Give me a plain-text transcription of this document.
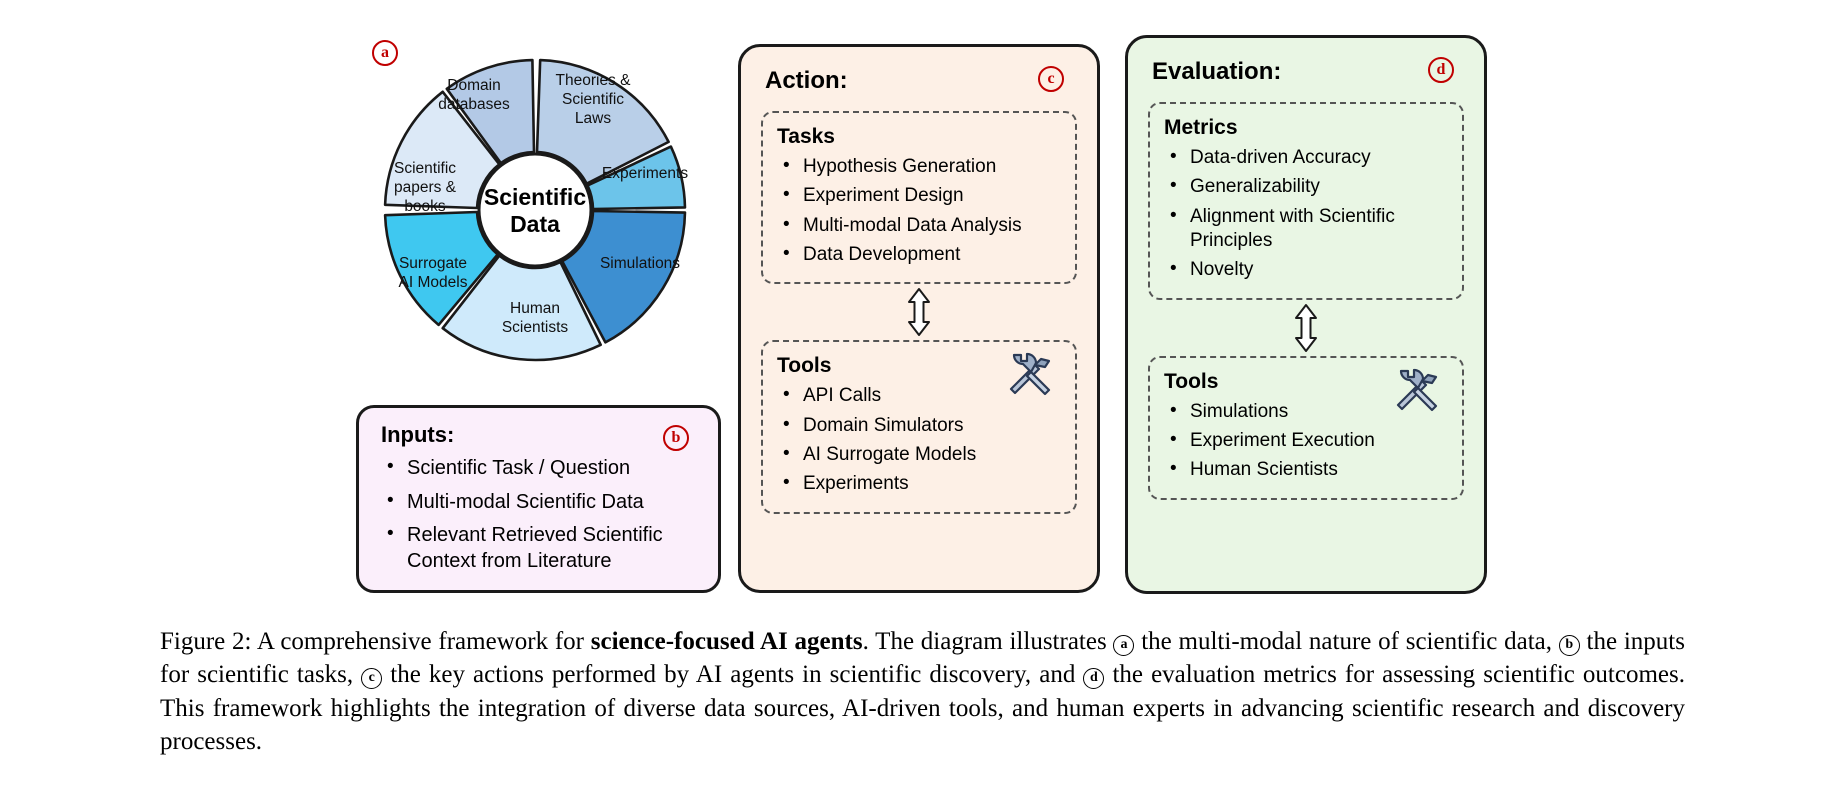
Theories &
Scientific
Laws
Experiments
Simulations
Human
Scientists
Surrogate
AI Models
Scientific
papers &
books
Domain
databases
Scientific
Data
a
Inputs:
• Scientific Task / Question
• Multi-modal Scientific Data
• Relevant Retrieved Scientific Context from Literature
b
Action:
Tasks
• Hypothesis Generation
• Experiment Design
• Multi-modal Data Analysis
• Data Development
Tools
• API Calls
• Domain Simulators
• AI Surrogate Models
• Experiments
c	Evaluation:
Metrics
• Data-driven Accuracy
• Generalizability
• Alignment with Scientific Principles
• Novelty
Tools
• Simulations
• Experiment Execution
• Human Scientists
d
Figure 2: A comprehensive framework for science-focused AI agents. The diagram illustrates a the multi-modal nature of scientific data, b the inputs for scientific tasks, c the key actions performed by AI agents in scientific discovery, and d the evaluation metrics for assessing scientific outcomes. This framework highlights the integration of diverse data sources, AI-driven tools, and human experts in advancing scientific research and discovery processes.
